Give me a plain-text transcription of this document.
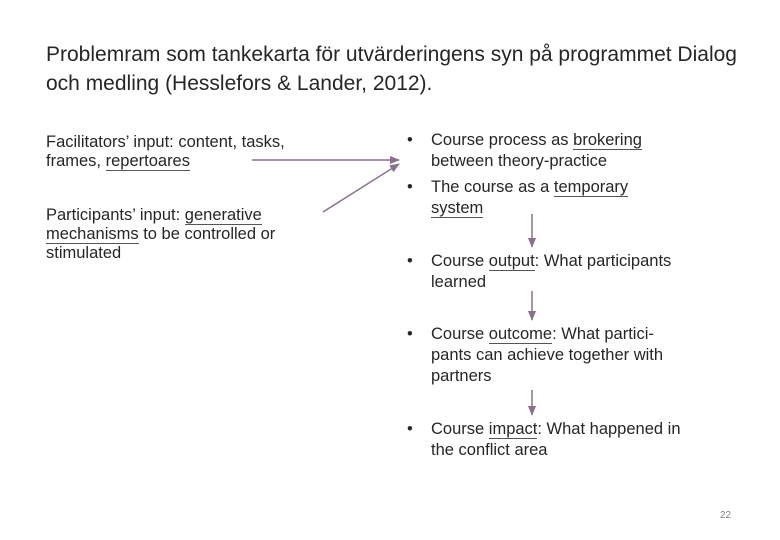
Problemram som tankekarta för utvärderingens syn på programmet Dialog och medling (Hesslefors & Lander, 2012).
Facilitators’ input: content, tasks,
frames, repertoares
Participants’ input: generative
mechanisms to be controlled or
stimulated
• Course process as brokering
between theory-practice
• The course as a temporary
system
• Course output: What participants
learned
• Course outcome: What partici-
pants can achieve together with
partners
• Course impact: What happened in
the conflict area
22
